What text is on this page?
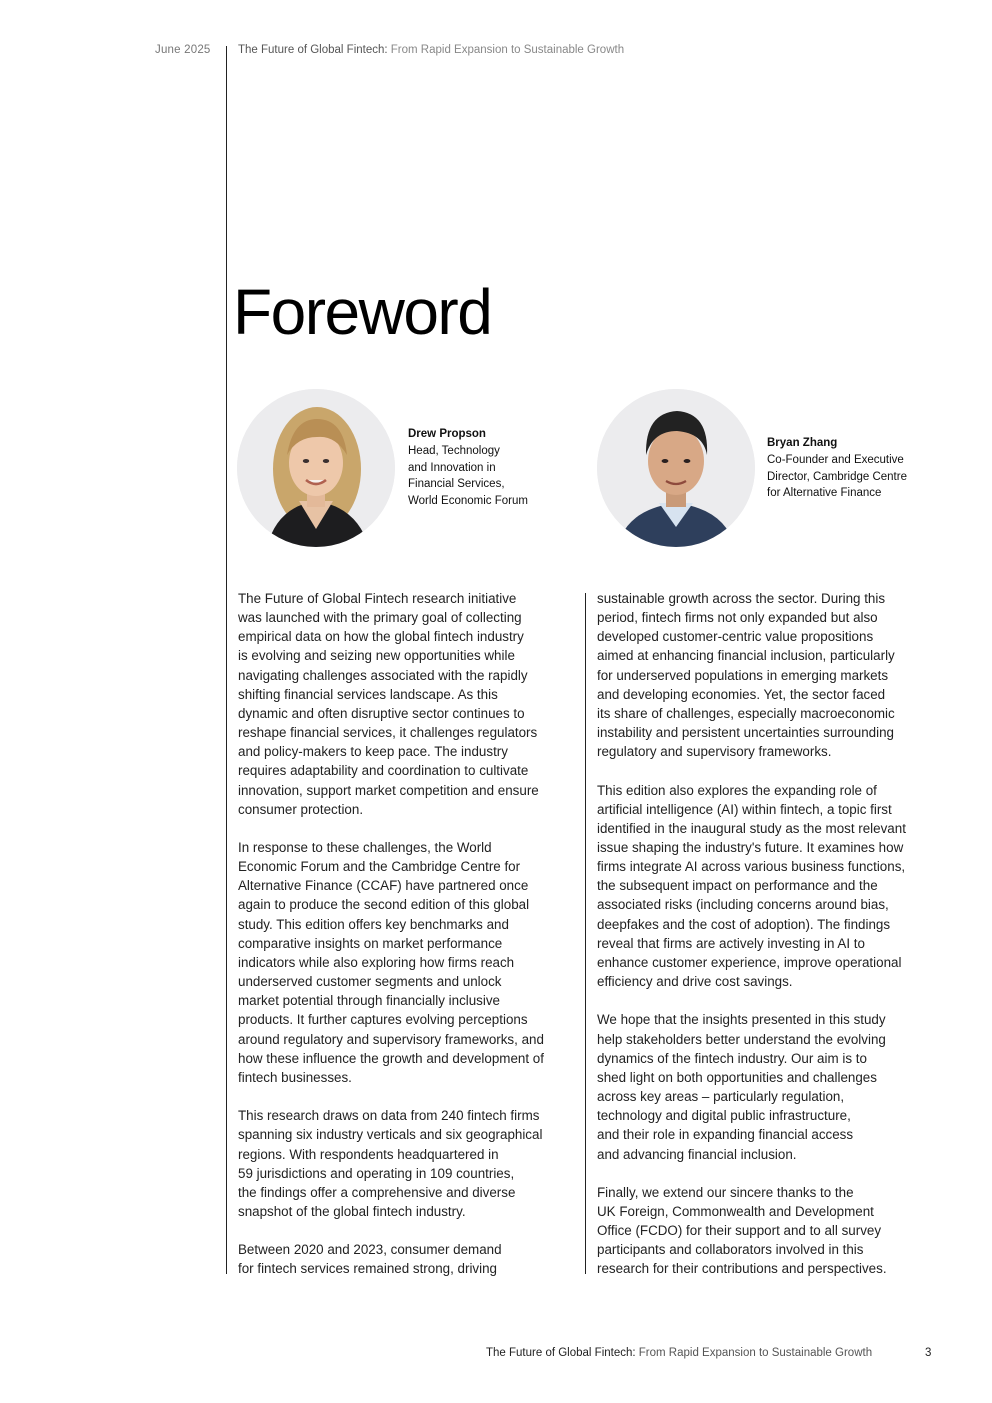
June 2025 The Future of Global Fintech: From Rapid Expansion to Sustainable Growth
Foreword
Drew Propson
Head, Technology
and Innovation in
Financial Services,
World Economic Forum
Bryan Zhang
Co-Founder and Executive
Director, Cambridge Centre
for Alternative Finance

The Future of Global Fintech research initiative
was launched with the primary goal of collecting
empirical data on how the global fintech industry
is evolving and seizing new opportunities while
navigating challenges associated with the rapidly
shifting financial services landscape. As this
dynamic and often disruptive sector continues to
reshape financial services, it challenges regulators
and policy-makers to keep pace. The industry
requires adaptability and coordination to cultivate
innovation, support market competition and ensure
consumer protection.

In response to these challenges, the World
Economic Forum and the Cambridge Centre for
Alternative Finance (CCAF) have partnered once
again to produce the second edition of this global
study. This edition offers key benchmarks and
comparative insights on market performance
indicators while also exploring how firms reach
underserved customer segments and unlock
market potential through financially inclusive
products. It further captures evolving perceptions
around regulatory and supervisory frameworks, and
how these influence the growth and development of
fintech businesses.

This research draws on data from 240 fintech firms
spanning six industry verticals and six geographical
regions. With respondents headquartered in
59 jurisdictions and operating in 109 countries,
the findings offer a comprehensive and diverse
snapshot of the global fintech industry.

Between 2020 and 2023, consumer demand
for fintech services remained strong, driving

sustainable growth across the sector. During this
period, fintech firms not only expanded but also
developed customer-centric value propositions
aimed at enhancing financial inclusion, particularly
for underserved populations in emerging markets
and developing economies. Yet, the sector faced
its share of challenges, especially macroeconomic
instability and persistent uncertainties surrounding
regulatory and supervisory frameworks.

This edition also explores the expanding role of
artificial intelligence (AI) within fintech, a topic first
identified in the inaugural study as the most relevant
issue shaping the industry's future. It examines how
firms integrate AI across various business functions,
the subsequent impact on performance and the
associated risks (including concerns around bias,
deepfakes and the cost of adoption). The findings
reveal that firms are actively investing in AI to
enhance customer experience, improve operational
efficiency and drive cost savings.

We hope that the insights presented in this study
help stakeholders better understand the evolving
dynamics of the fintech industry. Our aim is to
shed light on both opportunities and challenges
across key areas – particularly regulation,
technology and digital public infrastructure,
and their role in expanding financial access
and advancing financial inclusion.

Finally, we extend our sincere thanks to the
UK Foreign, Commonwealth and Development
Office (FCDO) for their support and to all survey
participants and collaborators involved in this
research for their contributions and perspectives.

The Future of Global Fintech: From Rapid Expansion to Sustainable Growth	3
